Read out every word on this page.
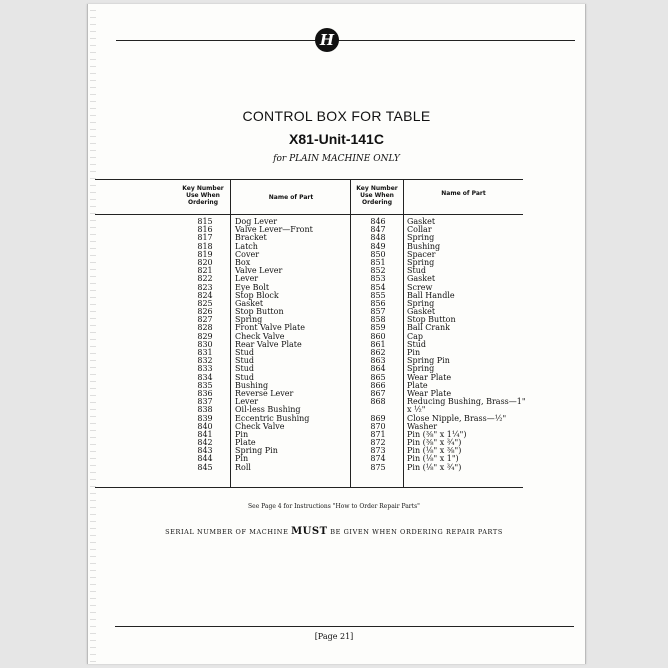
H
CONTROL BOX FOR TABLE
X81-Unit-141C
for PLAIN MACHINE ONLY
Key Number
Use When
Ordering
Name of Part
Key Number
Use When
Ordering
Name of Part
815
816
817
818
819
820
821
822
823
824
825
826
827
828
829
830
831
832
833
834
835
836
837
838
839
840
841
842
843
844
845
Dog Lever
Valve Lever—Front
Bracket
Latch
Cover
Box
Valve Lever
Lever
Eye Bolt
Stop Block
Gasket
Stop Button
Spring
Front Valve Plate
Check Valve
Rear Valve Plate
Stud
Stud
Stud
Stud
Bushing
Reverse Lever
Lever
Oil-less Bushing
Eccentric Bushing
Check Valve
Pin
Plate
Spring Pin
Pin
Roll
846
847
848
849
850
851
852
853
854
855
856
857
858
859
860
861
862
863
864
865
866
867
868
869
870
871
872
873
874
875
Gasket
Collar
Spring
Bushing
Spacer
Spring
Stud
Gasket
Screw
Ball Handle
Spring
Gasket
Stop Button
Ball Crank
Cap
Stud
Pin
Spring Pin
Spring
Wear Plate
Plate
Wear Plate
Reducing Bushing, Brass—1"
x ½"
Close Nipple, Brass—½"
Washer
Pin (⅜" x 1¼")
Pin (⅜" x ¾")
Pin (⅛" x ⅜")
Pin (⅛" x 1")
Pin (⅛" x ¾")
See Page 4 for Instructions "How to Order Repair Parts"
SERIAL NUMBER OF MACHINE MUST BE GIVEN WHEN ORDERING REPAIR PARTS
[Page 21]
